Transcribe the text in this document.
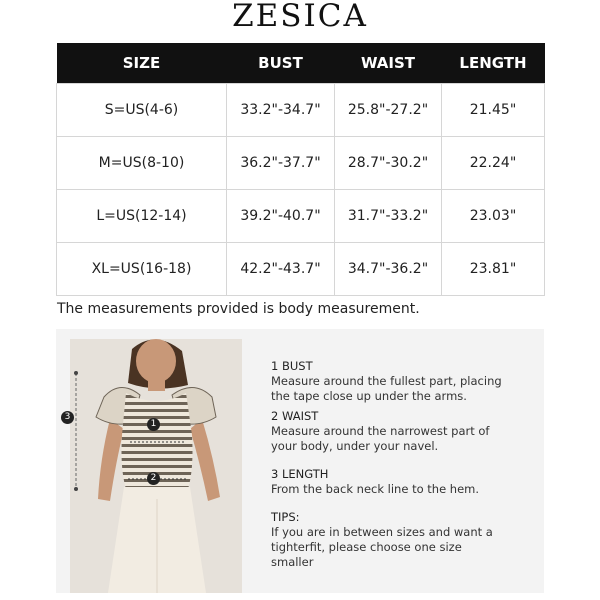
ZESICA
SIZE	BUST	WAIST	LENGTH
S=US(4-6)	33.2"-34.7"	25.8"-27.2"	21.45"
M=US(8-10)	36.2"-37.7"	28.7"-30.2"	22.24"
L=US(12-14)	39.2"-40.7"	31.7"-33.2"	23.03"
XL=US(16-18)	42.2"-43.7"	34.7"-36.2"	23.81"
The measurements provided is body measurement.
1
2
3
1 BUST
Measure around the fullest part, placing
the tape close up under the arms.
2 WAIST
Measure around the narrowest part of
your body, under your navel.
3 LENGTH
From the back neck line to the hem.
TIPS:
If you are in between sizes and want a
tighterfit, please choose one size
smaller
